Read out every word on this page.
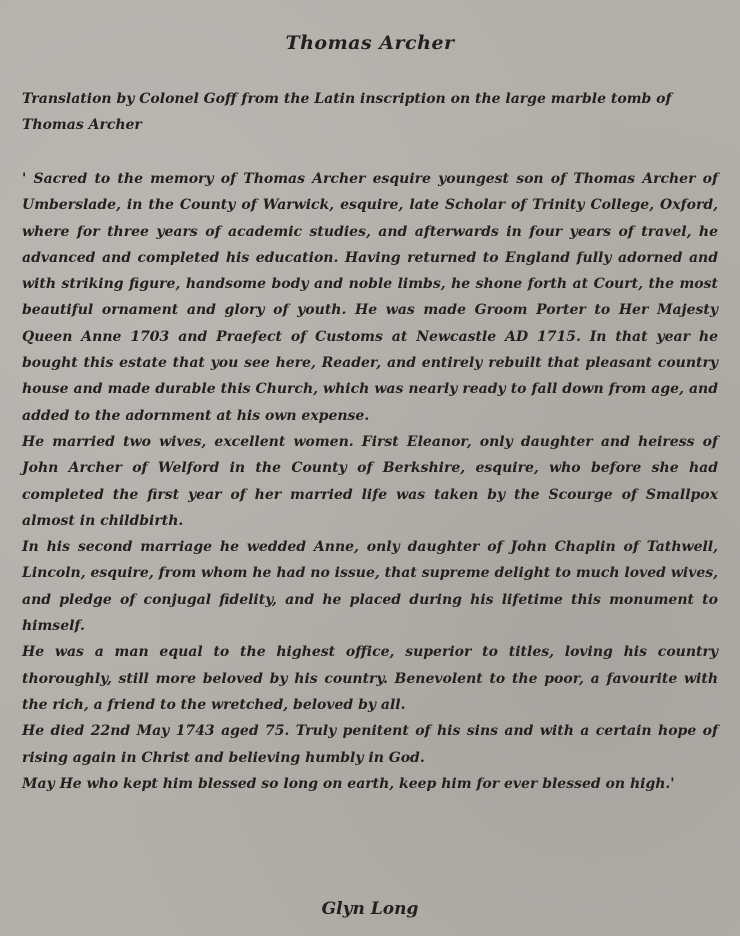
Thomas Archer
Translation by Colonel Goff from the Latin inscription on the large marble tomb of Thomas Archer

' Sacred to the memory of Thomas Archer esquire youngest son of Thomas Archer of Umberslade, in the County of Warwick, esquire, late Scholar of Trinity College, Oxford, where for three years of academic studies, and afterwards in four years of travel, he advanced and completed his education. Having returned to England fully adorned and with striking figure, handsome body and noble limbs, he shone forth at Court, the most beautiful ornament and glory of youth. He was made Groom Porter to Her Majesty Queen Anne 1703 and Praefect of Customs at Newcastle AD 1715. In that year he bought this estate that you see here, Reader, and entirely rebuilt that pleasant country house and made durable this Church, which was nearly ready to fall down from age, and added to the adornment at his own expense.

He married two wives, excellent women. First Eleanor, only daughter and heiress of John Archer of Welford in the County of Berkshire, esquire, who before she had completed the first year of her married life was taken by the Scourge of Smallpox almost in childbirth.

In his second marriage he wedded Anne, only daughter of John Chaplin of Tathwell, Lincoln, esquire, from whom he had no issue, that supreme delight to much loved wives, and pledge of conjugal fidelity, and he placed during his lifetime this monument to himself.

He was a man equal to the highest office, superior to titles, loving his country thoroughly, still more beloved by his country. Benevolent to the poor, a favourite with the rich, a friend to the wretched, beloved by all.

He died 22nd May 1743 aged 75. Truly penitent of his sins and with a certain hope of rising again in Christ and believing humbly in God.

May He who kept him blessed so long on earth, keep him for ever blessed on high.'

Glyn Long
